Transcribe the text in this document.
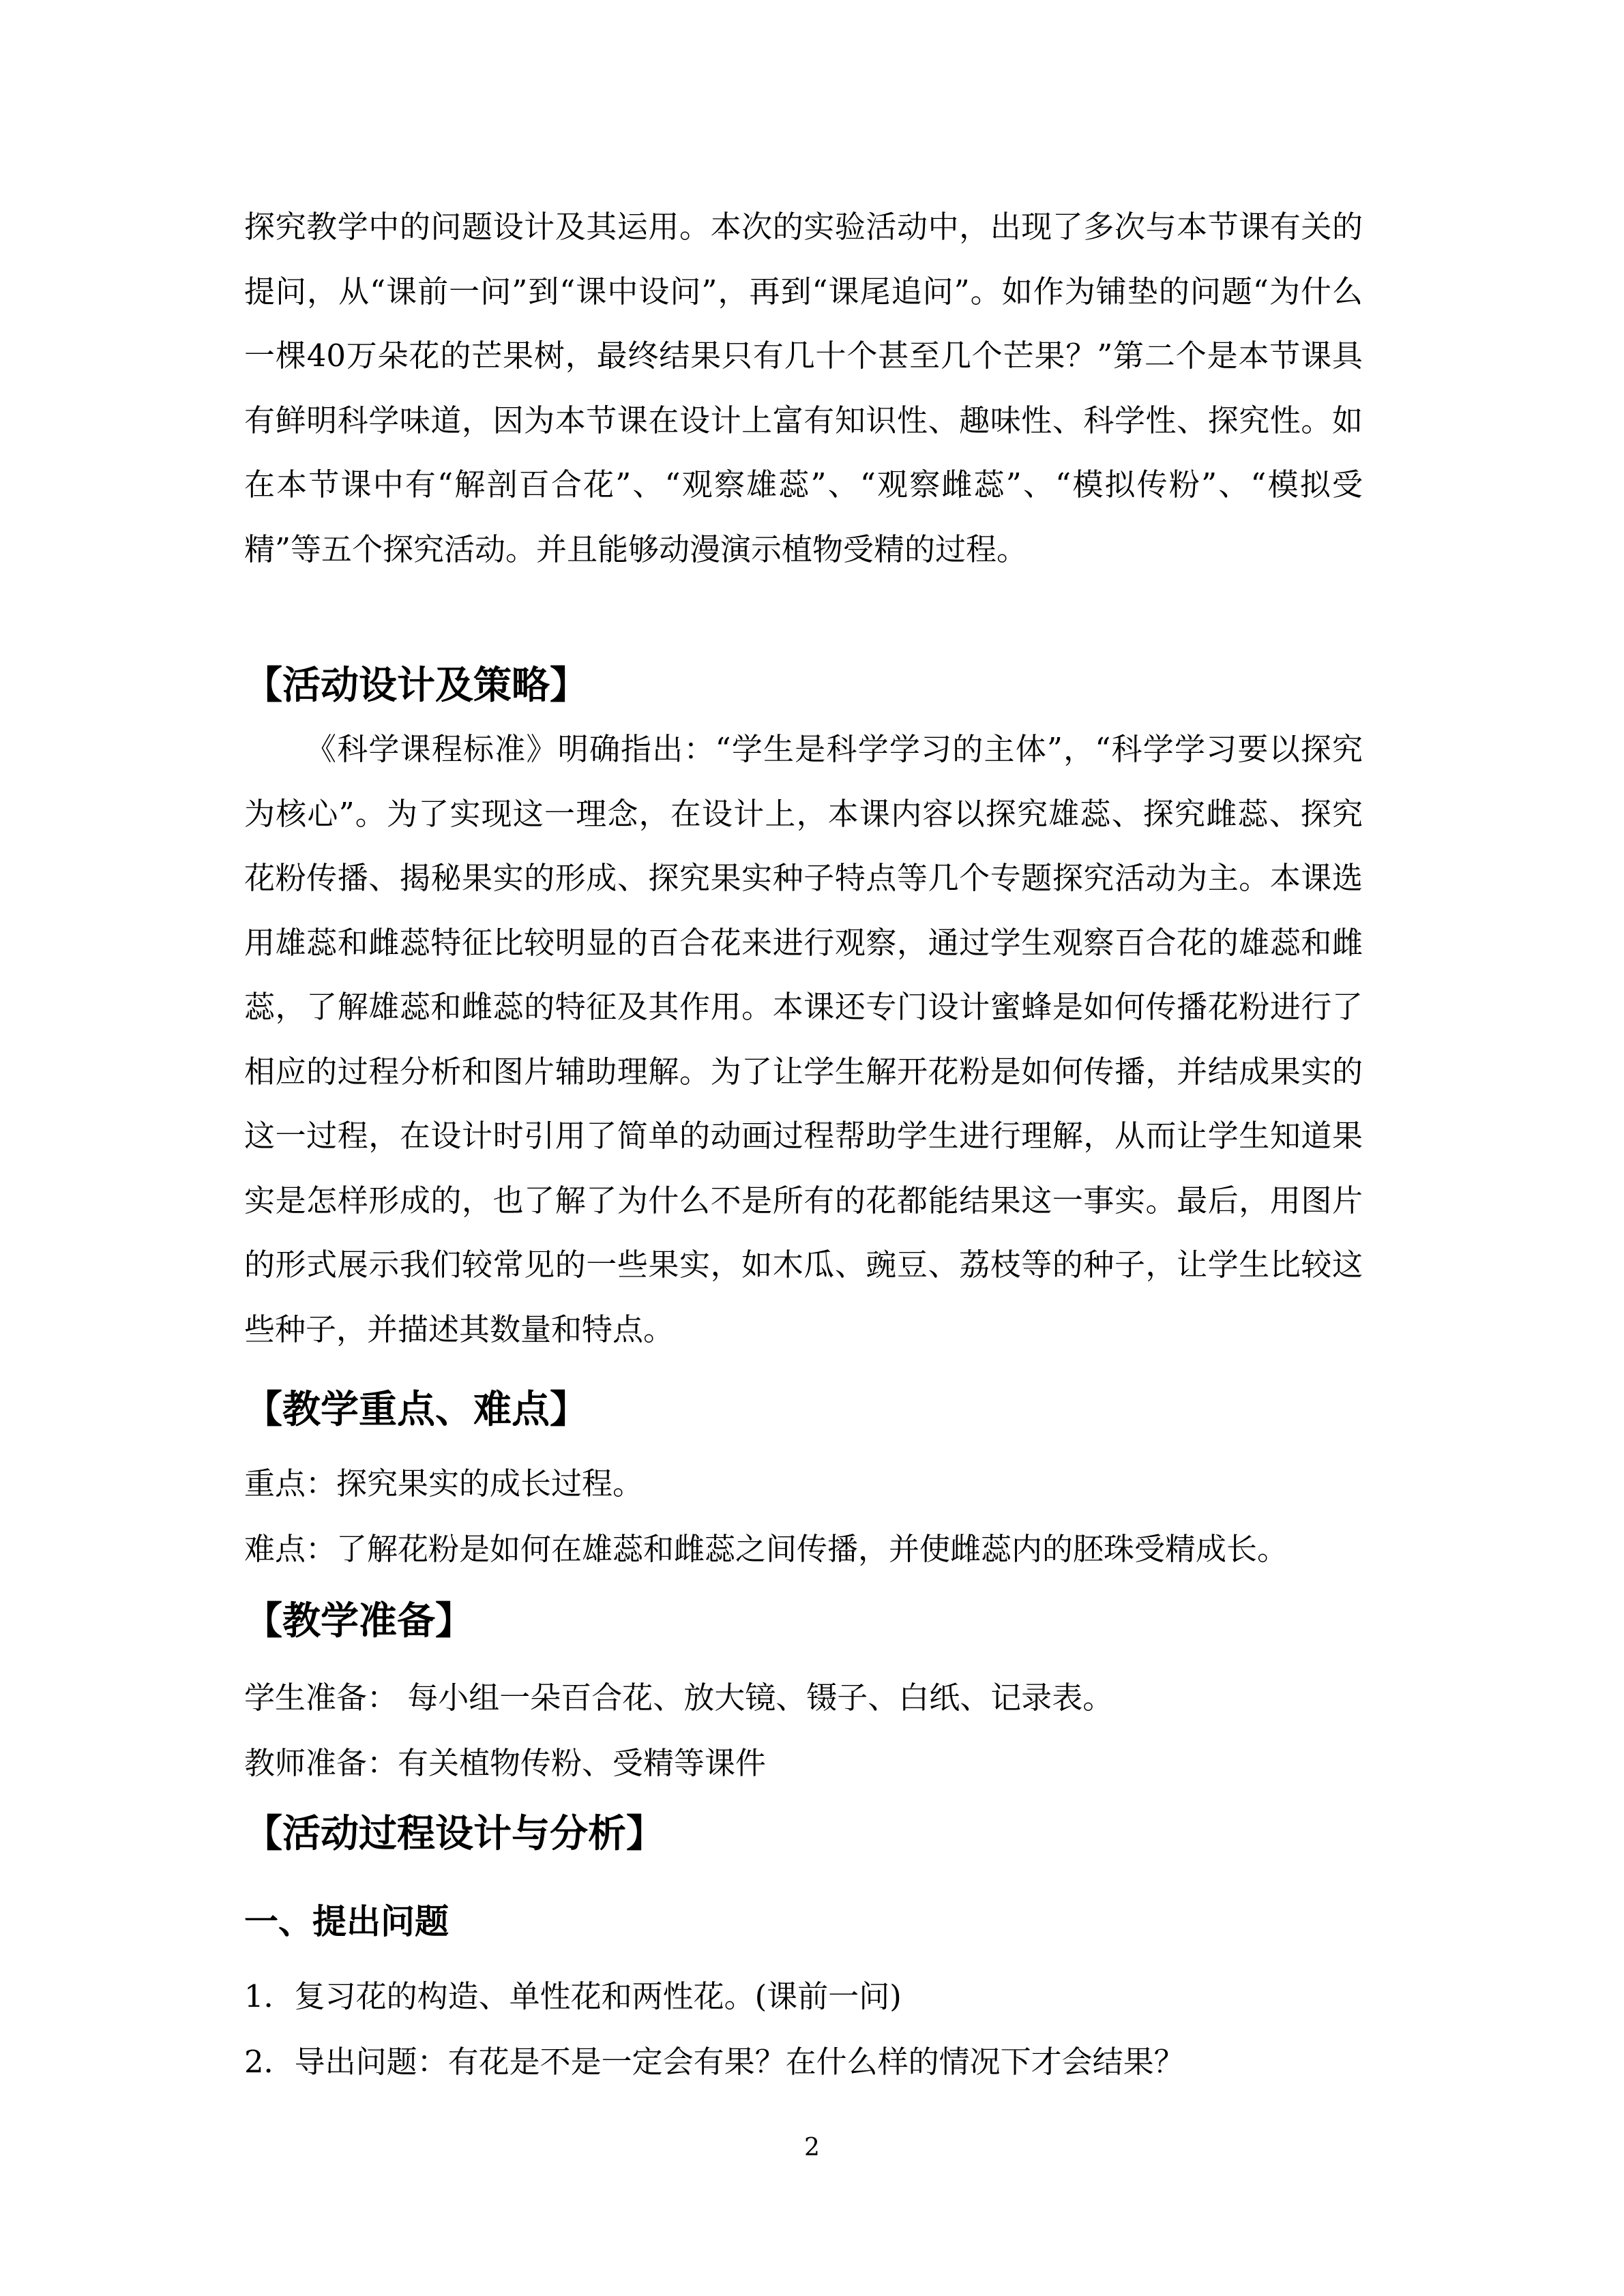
探究教学中的问题设计及其运用。本次的实验活动中，出现了多次与本节课有关的提问，从“课前一问”到“课中设问”，再到“课尾追问”。如作为铺垫的问题“为什么一棵40万朵花的芒果树，最终结果只有几十个甚至几个芒果？”第二个是本节课具有鲜明科学味道，因为本节课在设计上富有知识性、趣味性、科学性、探究性。如在本节课中有“解剖百合花”、“观察雄蕊”、“观察雌蕊”、“模拟传粉”、“模拟受精”等五个探究活动。并且能够动漫演示植物受精的过程。

【活动设计及策略】

《科学课程标准》明确指出：“学生是科学学习的主体”，“科学学习要以探究为核心”。为了实现这一理念，在设计上，本课内容以探究雄蕊、探究雌蕊、探究花粉传播、揭秘果实的形成、探究果实种子特点等几个专题探究活动为主。本课选用雄蕊和雌蕊特征比较明显的百合花来进行观察，通过学生观察百合花的雄蕊和雌蕊，了解雄蕊和雌蕊的特征及其作用。本课还专门设计蜜蜂是如何传播花粉进行了相应的过程分析和图片辅助理解。为了让学生解开花粉是如何传播，并结成果实的这一过程，在设计时引用了简单的动画过程帮助学生进行理解，从而让学生知道果实是怎样形成的，也了解了为什么不是所有的花都能结果这一事实。最后，用图片的形式展示我们较常见的一些果实，如木瓜、豌豆、荔枝等的种子，让学生比较这些种子，并描述其数量和特点。

【教学重点、难点】

重点：探究果实的成长过程。

难点：了解花粉是如何在雄蕊和雌蕊之间传播，并使雌蕊内的胚珠受精成长。

【教学准备】

学生准备： 每小组一朵百合花、放大镜、镊子、白纸、记录表。

教师准备：有关植物传粉、受精等课件

【活动过程设计与分析】
一、提出问题

1．复习花的构造、单性花和两性花。(课前一问)

2．导出问题：有花是不是一定会有果？在什么样的情况下才会结果？

2
